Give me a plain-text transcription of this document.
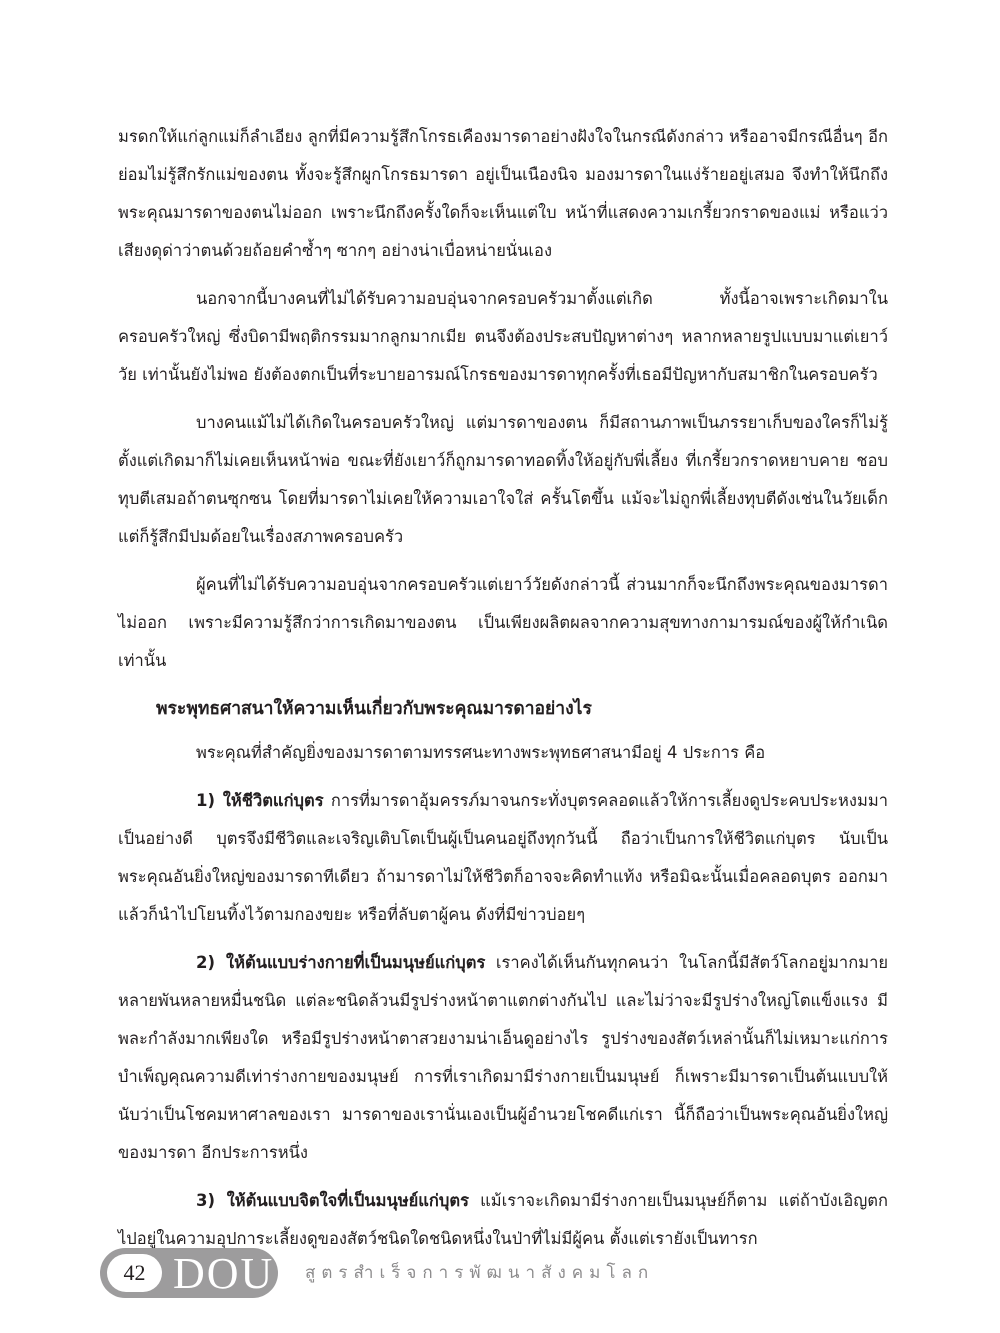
มรดกให้แก่ลูกแม่ก็ลำเอียง ลูกที่มีความรู้สึกโกรธเคืองมารดาอย่างฝังใจในกรณีดังกล่าว หรืออาจมีกรณีอื่นๆ อีก ย่อมไม่รู้สึกรักแม่ของตน ทั้งจะรู้สึกผูกโกรธมารดา อยู่เป็นเนืองนิจ มองมารดาในแง่ร้ายอยู่เสมอ จึงทำให้นึกถึงพระคุณมารดาของตนไม่ออก เพราะนึกถึงครั้งใดก็จะเห็นแต่ใบ หน้าที่แสดงความเกรี้ยวกราดของแม่ หรือแว่วเสียงดุด่าว่าตนด้วยถ้อยคำซ้ำๆ ซากๆ อย่างน่าเบื่อหน่ายนั่นเอง

นอกจากนี้บางคนที่ไม่ได้รับความอบอุ่นจากครอบครัวมาตั้งแต่เกิด ทั้งนี้อาจเพราะเกิดมาในครอบครัวใหญ่ ซึ่งบิดามีพฤติกรรมมากลูกมากเมีย ตนจึงต้องประสบปัญหาต่างๆ หลากหลายรูปแบบมาแต่เยาว์วัย เท่านั้นยังไม่พอ ยังต้องตกเป็นที่ระบายอารมณ์โกรธของมารดาทุกครั้งที่เธอมีปัญหากับสมาชิกในครอบครัว

บางคนแม้ไม่ได้เกิดในครอบครัวใหญ่ แต่มารดาของตน ก็มีสถานภาพเป็นภรรยาเก็บของใครก็ไม่รู้ ตั้งแต่เกิดมาก็ไม่เคยเห็นหน้าพ่อ ขณะที่ยังเยาว์ก็ถูกมารดาทอดทิ้งให้อยู่กับพี่เลี้ยง ที่เกรี้ยวกราดหยาบคาย ชอบทุบตีเสมอถ้าตนซุกซน โดยที่มารดาไม่เคยให้ความเอาใจใส่ ครั้นโตขึ้น แม้จะไม่ถูกพี่เลี้ยงทุบตีดังเช่นในวัยเด็ก แต่ก็รู้สึกมีปมด้อยในเรื่องสภาพครอบครัว

ผู้คนที่ไม่ได้รับความอบอุ่นจากครอบครัวแต่เยาว์วัยดังกล่าวนี้ ส่วนมากก็จะนึกถึงพระคุณของมารดาไม่ออก เพราะมีความรู้สึกว่าการเกิดมาของตน เป็นเพียงผลิตผลจากความสุขทางกามารมณ์ของผู้ให้กำเนิดเท่านั้น

พระพุทธศาสนาให้ความเห็นเกี่ยวกับพระคุณมารดาอย่างไร

พระคุณที่สำคัญยิ่งของมารดาตามทรรศนะทางพระพุทธศาสนามีอยู่ 4 ประการ คือ

1) ให้ชีวิตแก่บุตร การที่มารดาอุ้มครรภ์มาจนกระทั่งบุตรคลอดแล้วให้การเลี้ยงดูประคบประหงมมาเป็นอย่างดี บุตรจึงมีชีวิตและเจริญเติบโตเป็นผู้เป็นคนอยู่ถึงทุกวันนี้ ถือว่าเป็นการให้ชีวิตแก่บุตร นับเป็นพระคุณอันยิ่งใหญ่ของมารดาทีเดียว ถ้ามารดาไม่ให้ชีวิตก็อาจจะคิดทำแท้ง หรือมิฉะนั้นเมื่อคลอดบุตร ออกมาแล้วก็นำไปโยนทิ้งไว้ตามกองขยะ หรือที่ลับตาผู้คน ดังที่มีข่าวบ่อยๆ

2) ให้ต้นแบบร่างกายที่เป็นมนุษย์แก่บุตร เราคงได้เห็นกันทุกคนว่า ในโลกนี้มีสัตว์โลกอยู่มากมายหลายพันหลายหมื่นชนิด แต่ละชนิดล้วนมีรูปร่างหน้าตาแตกต่างกันไป และไม่ว่าจะมีรูปร่างใหญ่โตแข็งแรง มีพละกำลังมากเพียงใด หรือมีรูปร่างหน้าตาสวยงามน่าเอ็นดูอย่างไร รูปร่างของสัตว์เหล่านั้นก็ไม่เหมาะแก่การบำเพ็ญคุณความดีเท่าร่างกายของมนุษย์ การที่เราเกิดมามีร่างกายเป็นมนุษย์ ก็เพราะมีมารดาเป็นต้นแบบให้ นับว่าเป็นโชคมหาศาลของเรา มารดาของเรานั่นเองเป็นผู้อำนวยโชคดีแก่เรา นี้ก็ถือว่าเป็นพระคุณอันยิ่งใหญ่ของมารดา อีกประการหนึ่ง

3) ให้ต้นแบบจิตใจที่เป็นมนุษย์แก่บุตร แม้เราจะเกิดมามีร่างกายเป็นมนุษย์ก็ตาม แต่ถ้าบังเอิญตกไปอยู่ในความอุปการะเลี้ยงดูของสัตว์ชนิดใดชนิดหนึ่งในป่าที่ไม่มีผู้คน ตั้งแต่เรายังเป็นทารก

42 DOU สูตรสำเร็จการพัฒนาสังคมโลก
